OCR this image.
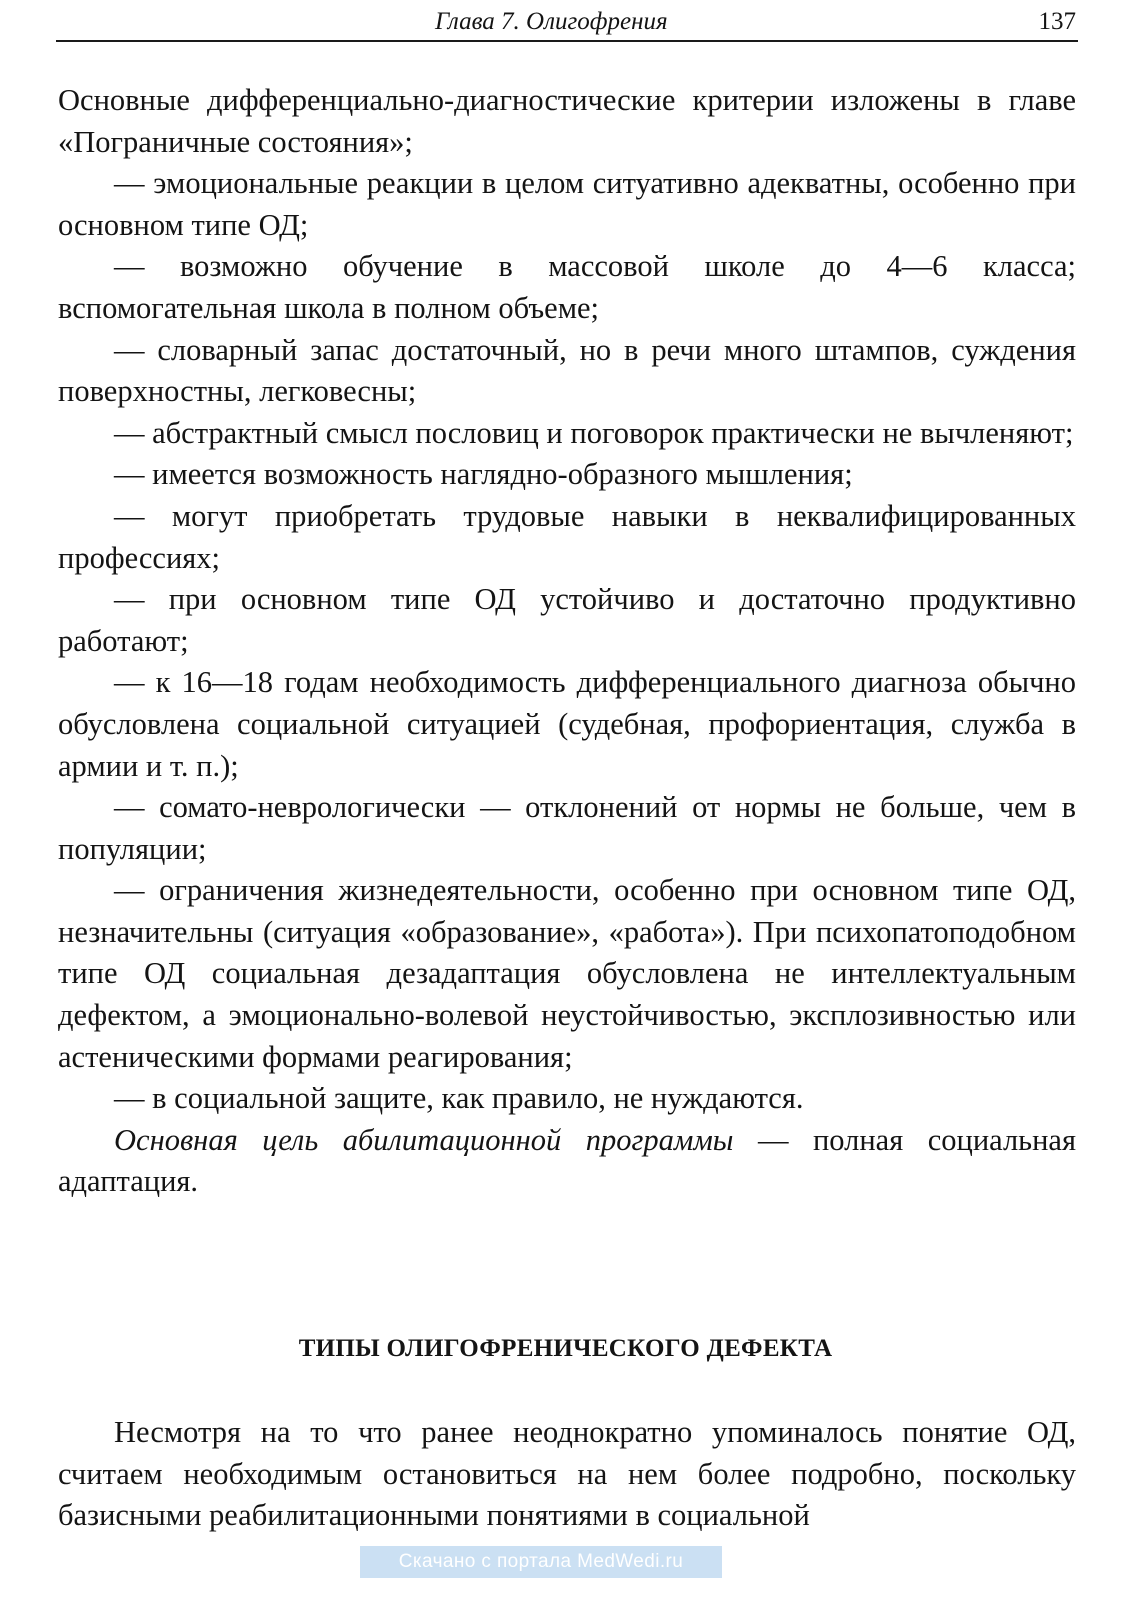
Глава 7. Олигофрения	137

Основные дифференциально-диагностические критерии изложены в главе «Пограничные состояния»;

— эмоциональные реакции в целом ситуативно адекватны, особенно при основном типе ОД;

— возможно обучение в массовой школе до 4—6 класса; вспомогательная школа в полном объеме;

— словарный запас достаточный, но в речи много штампов, суждения поверхностны, легковесны;

— абстрактный смысл пословиц и поговорок практически не вычленяют;

— имеется возможность наглядно-образного мышления;

— могут приобретать трудовые навыки в неквалифицированных профессиях;

— при основном типе ОД устойчиво и достаточно продуктивно работают;

— к 16—18 годам необходимость дифференциального диагноза обычно обусловлена социальной ситуацией (судебная, профориентация, служба в армии и т. п.);

— сомато-неврологически — отклонений от нормы не больше, чем в популяции;

— ограничения жизнедеятельности, особенно при основном типе ОД, незначительны (ситуация «образование», «работа»). При психопатоподобном типе ОД социальная дезадаптация обусловлена не интеллектуальным дефектом, а эмоционально-волевой неустойчивостью, эксплозивностью или астеническими формами реагирования;

— в социальной защите, как правило, не нуждаются.

Основная цель абилитационной программы — полная социальная адаптация.

ТИПЫ ОЛИГОФРЕНИЧЕСКОГО ДЕФЕКТА

Несмотря на то что ранее неоднократно упоминалось понятие ОД, считаем необходимым остановиться на нем более подробно, поскольку базисными реабилитационными понятиями в социальной

Скачано с портала MedWedi.ru
